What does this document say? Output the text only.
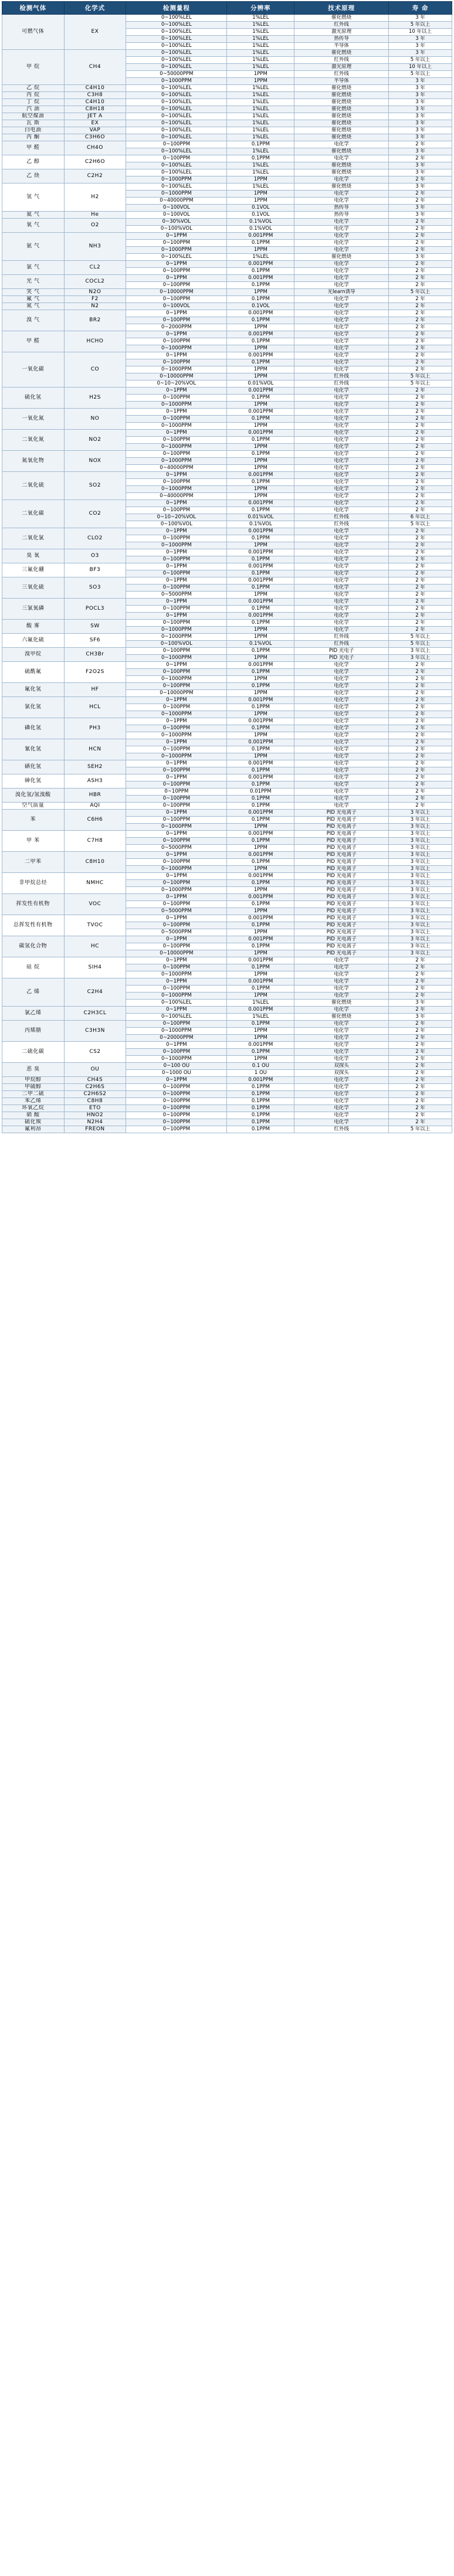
检测气体	化学式	检测量程	分辨率	技术原理	寿 命
可燃气体	EX	0~100%LEL	1%LEL	催化燃烧	3 年
		0~100%LEL	1%LEL	红外线	5 年以上
		0~100%LEL	1%LEL	激光原理	10 年以上
		0~100%LEL	1%LEL	热传导	3 年
		0~100%LEL	1%LEL	半导体	3 年
甲 烷	CH4	0~100%LEL	1%LEL	催化燃烧	3 年
		0~100%LEL	1%LEL	红外线	5 年以上
		0~100%LEL	1%LEL	激光原理	10 年以上
		0~50000PPM	1PPM	红外线	5 年以上
		0~1000PPM	1PPM	半导体	3 年
乙 烷	C4H10	0~100%LEL	1%LEL	催化燃烧	3 年
丙 烷	C3H8	0~100%LEL	1%LEL	催化燃烧	3 年
丁 烷	C4H10	0~100%LEL	1%LEL	催化燃烧	3 年
汽 油	C8H18	0~100%LEL	1%LEL	催化燃烧	3 年
航空煤油	JET A	0~100%LEL	1%LEL	催化燃烧	3 年
瓦 斯	EX	0~100%LEL	1%LEL	催化燃烧	3 年
白电油	VAP	0~100%LEL	1%LEL	催化燃烧	3 年
丙 酮	C3H6O	0~100%LEL	1%LEL	催化燃烧	3 年
甲 醛	CH4O	0~100PPM	0.1PPM	电化学	2 年
		0~100%LEL	1%LEL	催化燃烧	3 年
乙 醇	C2H6O	0~100PPM	0.1PPM	电化学	2 年
		0~100%LEL	1%LEL	催化燃烧	3 年
乙 炔	C2H2	0~100%LEL	1%LEL	催化燃烧	3 年
		0~1000PPM	1PPM	电化学	2 年
氢 气	H2	0~100%LEL	1%LEL	催化燃烧	3 年
		0~1000PPM	1PPM	电化学	2 年
		0~40000PPM	1PPM	电化学	2 年
		0~100VOL	0.1VOL	热传导	3 年
氦 气	He	0~100VOL	0.1VOL	热传导	3 年
氧 气	O2	0~30%VOL	0.1%VOL	电化学	2 年
		0~100%VOL	0.1%VOL	电化学	2 年
氨 气	NH3	0~1PPM	0.001PPM	电化学	2 年
		0~100PPM	0.1PPM	电化学	2 年
		0~1000PPM	1PPM	电化学	2 年
		0~100%LEL	1%LEL	催化燃烧	3 年
氯 气	CL2	0~1PPM	0.001PPM	电化学	2 年
		0~100PPM	0.1PPM	电化学	2 年
光 气	COCL2	0~1PPM	0.001PPM	电化学	2 年
		0~100PPM	0.1PPM	电化学	2 年
笑 气	N2O	0~10000PPM	1PPM	光learn诱导	5 年以上
氟 气	F2	0~100PPM	0.1PPM	电化学	2 年
氮 气	N2	0~100VOL	0.1VOL	电化学	2 年
溴 气	BR2	0~1PPM	0.001PPM	电化学	2 年
		0~100PPM	0.1PPM	电化学	2 年
		0~2000PPM	1PPM	电化学	2 年
甲 醛	HCHO	0~1PPM	0.001PPM	电化学	2 年
		0~100PPM	0.1PPM	电化学	2 年
		0~1000PPM	1PPM	电化学	2 年
一氧化碳	CO	0~1PPM	0.001PPM	电化学	2 年
		0~100PPM	0.1PPM	电化学	2 年
		0~1000PPM	1PPM	电化学	2 年
		0~10000PPM	1PPM	红外线	5 年以上
		0~10~20%VOL	0.01%VOL	红外线	5 年以上
硫化氢	H2S	0~1PPM	0.001PPM	电化学	2 年
		0~100PPM	0.1PPM	电化学	2 年
		0~1000PPM	1PPM	电化学	2 年
一氧化氮	NO	0~1PPM	0.001PPM	电化学	2 年
		0~100PPM	0.1PPM	电化学	2 年
		0~1000PPM	1PPM	电化学	2 年
二氧化氮	NO2	0~1PPM	0.001PPM	电化学	2 年
		0~100PPM	0.1PPM	电化学	2 年
		0~1000PPM	1PPM	电化学	2 年
氮氧化物	NOX	0~100PPM	0.1PPM	电化学	2 年
		0~1000PPM	1PPM	电化学	2 年
		0~40000PPM	1PPM	电化学	2 年
二氧化硫	SO2	0~1PPM	0.001PPM	电化学	2 年
		0~100PPM	0.1PPM	电化学	2 年
		0~1000PPM	1PPM	电化学	2 年
		0~40000PPM	1PPM	电化学	2 年
二氧化碳	CO2	0~1PPM	0.001PPM	电化学	2 年
		0~100PPM	0.1PPM	电化学	2 年
		0~10~20%VOL	0.01%VOL	红外线	6 年以上
		0~100%VOL	0.1%VOL	红外线	5 年以上
二氧化氯	CLO2	0~1PPM	0.001PPM	电化学	2 年
		0~100PPM	0.1PPM	电化学	2 年
		0~1000PPM	1PPM	电化学	2 年
臭 氧	O3	0~1PPM	0.001PPM	电化学	2 年
		0~100PPM	0.1PPM	电化学	2 年
三氟化硼	BF3	0~1PPM	0.001PPM	电化学	2 年
		0~100PPM	0.1PPM	电化学	2 年
三氧化硫	SO3	0~1PPM	0.001PPM	电化学	2 年
		0~100PPM	0.1PPM	电化学	2 年
		0~5000PPM	1PPM	电化学	2 年
三氯氧磷	POCL3	0~1PPM	0.001PPM	电化学	2 年
		0~100PPM	0.1PPM	电化学	2 年
		0~1PPM	0.001PPM	电化学	2 年
酸 雾	SW	0~100PPM	0.1PPM	电化学	2 年
		0~1000PPM	1PPM	电化学	2 年
六氟化硫	SF6	0~1000PPM	1PPM	红外线	5 年以上
		0~100%VOL	0.1%VOL	红外线	5 年以上
溴甲烷	CH3Br	0~100PPM	0.1PPM	PID 光电子	3 年以上
		0~1000PPM	1PPM	PID 光电子	3 年以上
硫酰氟	F2O2S	0~1PPM	0.001PPM	电化学	2 年
		0~100PPM	0.1PPM	电化学	2 年
		0~1000PPM	1PPM	电化学	2 年
氟化氢	HF	0~100PPM	0.1PPM	电化学	2 年
		0~10000PPM	1PPM	电化学	2 年
氯化氢	HCL	0~1PPM	0.001PPM	电化学	2 年
		0~100PPM	0.1PPM	电化学	2 年
		0~1000PPM	1PPM	电化学	2 年
磷化氢	PH3	0~1PPM	0.001PPM	电化学	2 年
		0~100PPM	0.1PPM	电化学	2 年
		0~1000PPM	1PPM	电化学	2 年
氰化氢	HCN	0~1PPM	0.001PPM	电化学	2 年
		0~100PPM	0.1PPM	电化学	2 年
		0~1000PPM	1PPM	电化学	2 年
硒化氢	SEH2	0~1PPM	0.001PPM	电化学	2 年
		0~100PPM	0.1PPM	电化学	2 年
砷化氢	ASH3	0~1PPM	0.001PPM	电化学	2 年
		0~100PPM	0.1PPM	电化学	2 年
溴化氢/氢溴酸	HBR	0~10PPM	0.01PPM	电化学	2 年
		0~100PPM	0.1PPM	电化学	2 年
空气质量	AQI	0~100PPM	0.1PPM	电化学	2 年
苯	C6H6	0~1PPM	0.001PPM	PID 光电离子	3 年以上
		0~100PPM	0.1PPM	PID 光电离子	3 年以上
		0~1000PPM	1PPM	PID 光电离子	3 年以上
甲 苯	C7H8	0~1PPM	0.001PPM	PID 光电离子	3 年以上
		0~100PPM	0.1PPM	PID 光电离子	3 年以上
		0~5000PPM	1PPM	PID 光电离子	3 年以上
二甲苯	C8H10	0~1PPM	0.001PPM	PID 光电离子	3 年以上
		0~100PPM	0.1PPM	PID 光电离子	3 年以上
		0~1000PPM	1PPM	PID 光电离子	3 年以上
非甲烷总烃	NMHC	0~1PPM	0.001PPM	PID 光电离子	3 年以上
		0~100PPM	0.1PPM	PID 光电离子	3 年以上
		0~1000PPM	1PPM	PID 光电离子	3 年以上
挥发性有机物	VOC	0~1PPM	0.001PPM	PID 光电离子	3 年以上
		0~100PPM	0.1PPM	PID 光电离子	3 年以上
		0~5000PPM	1PPM	PID 光电离子	3 年以上
总挥发性有机物	TVOC	0~1PPM	0.001PPM	PID 光电离子	3 年以上
		0~100PPM	0.1PPM	PID 光电离子	3 年以上
		0~5000PPM	1PPM	PID 光电离子	3 年以上
碳氢化合物	HC	0~1PPM	0.001PPM	PID 光电离子	3 年以上
		0~100PPM	0.1PPM	PID 光电离子	3 年以上
		0~10000PPM	1PPM	PID 光电离子	3 年以上
硅 烷	SIH4	0~1PPM	0.001PPM	电化学	2 年
		0~100PPM	0.1PPM	电化学	2 年
		0~1000PPM	1PPM	电化学	2 年
乙 烯	C2H4	0~1PPM	0.001PPM	电化学	2 年
		0~100PPM	0.1PPM	电化学	2 年
		0~1000PPM	1PPM	电化学	2 年
		0~100%LEL	1%LEL	催化燃烧	3 年
氯乙烯	C2H3CL	0~1PPM	0.001PPM	电化学	2 年
		0~100%LEL	1%LEL	催化燃烧	3 年
丙烯腈	C3H3N	0~100PPM	0.1PPM	电化学	2 年
		0~1000PPM	1PPM	电化学	2 年
		0~20000PPM	1PPM	电化学	2 年
二硫化碳	CS2	0~1PPM	0.001PPM	电化学	2 年
		0~100PPM	0.1PPM	电化学	2 年
		0~1000PPM	1PPM	电化学	2 年
恶 臭	OU	0~100 OU	0.1 OU	双探头	2 年
		0~1000 OU	1 OU	双探头	2 年
甲烷醇	CH4S	0~1PPM	0.001PPM	电化学	2 年
甲硫醇	C2H6S	0~100PPM	0.1PPM	电化学	2 年
二甲二硫	C2H6S2	0~100PPM	0.1PPM	电化学	2 年
苯乙烯	C8H8	0~100PPM	0.1PPM	电化学	2 年
环氧乙烷	ETO	0~100PPM	0.1PPM	电化学	2 年
硝 酸	HNO2	0~100PPM	0.1PPM	电化学	2 年
硫化羰	N2H4	0~100PPM	0.1PPM	电化学	2 年
氟利昂	FREON	0~100PPM	0.1PPM	红外线	5 年以上
